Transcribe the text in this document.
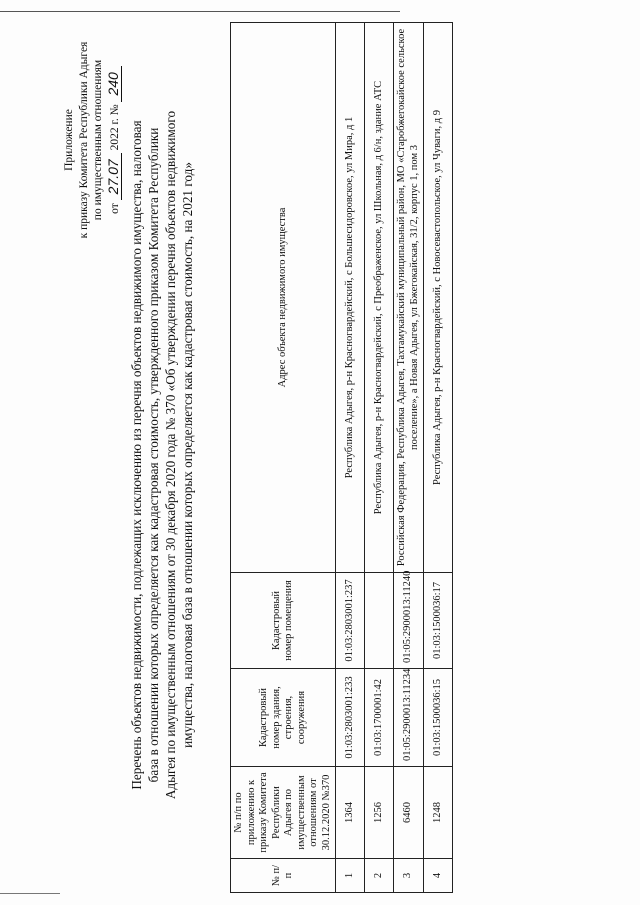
Приложение к приказу Комитета Республики Адыгея по имущественным отношениям от 27.07 2022 г. № 240
Перечень объектов недвижимости, подлежащих исключению из перечня объектов недвижимого имущества, налоговая база в отношении которых определяется как кадастровая стоимость, утвержденного приказом Комитета Республики Адыгея по имущественным отношениям от 30 декабря 2020 года № 370 «Об утверждении перечня объектов недвижимого имущества, налоговая база в отношении которых определяется как кадастровая стоимость, на 2021 год»
№ п/п	№ п/п по приложению к приказу Комитета Республики Адыгея по имущественным отношениям от 30.12.2020 №370	Кадастровый номер здания, строения, сооружения	Кадастровый номер помещения	Адрес объекта недвижимого имущества
1	1364	01:03:2803001:233	01:03:2803001:237	Республика Адыгея, р-н Красногвардейский, с Большесидоровское, ул Мира, д 1
2	1256	01:03:1700001:42		Республика Адыгея, р-н Красногвардейский, с Преображенское, ул Школьная, д 6/н, здание АТС
3	6460	01:05:2900013:11234	01:05:2900013:11240	Российская Федерация, Республика Адыгея, Тахтамукайский муниципальный район, МО «Старобжегокайское сельское поселение», а Новая Адыгея, ул Бжегокайская, 31/2, корпус 1, пом 3
4	1248	01:03:1500036:15	01:03:1500036:17	Республика Адыгея, р-н Красногвардейский, с Новосевастопольское, ул Чуваги, д 9
